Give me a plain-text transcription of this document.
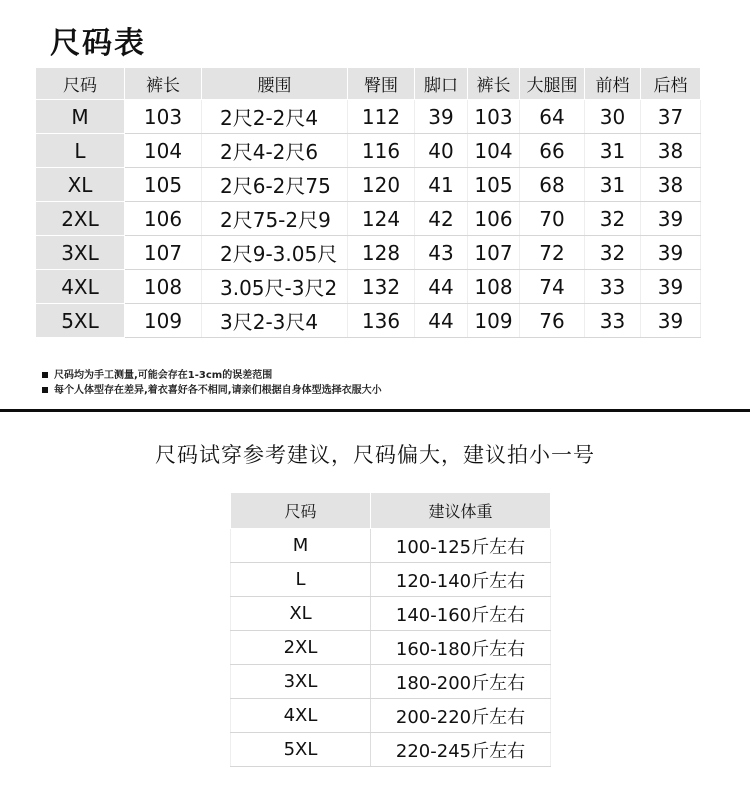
尺码表
尺码	裤长	腰围	臀围	脚口	裤长	大腿围	前档	后档
M	103	2尺2-2尺4	112	39	103	64	30	37
L	104	2尺4-2尺6	116	40	104	66	31	38
XL	105	2尺6-2尺75	120	41	105	68	31	38
2XL	106	2尺75-2尺9	124	42	106	70	32	39
3XL	107	2尺9-3.05尺	128	43	107	72	32	39
4XL	108	3.05尺-3尺2	132	44	108	74	33	39
5XL	109	3尺2-3尺4	136	44	109	76	33	39
尺码均为手工测量,可能会存在1-3cm的误差范围
每个人体型存在差异,着衣喜好各不相同,请亲们根据自身体型选择衣服大小
尺码试穿参考建议，尺码偏大，建议拍小一号
尺码	建议体重
M	100-125斤左右
L	120-140斤左右
XL	140-160斤左右
2XL	160-180斤左右
3XL	180-200斤左右
4XL	200-220斤左右
5XL	220-245斤左右
